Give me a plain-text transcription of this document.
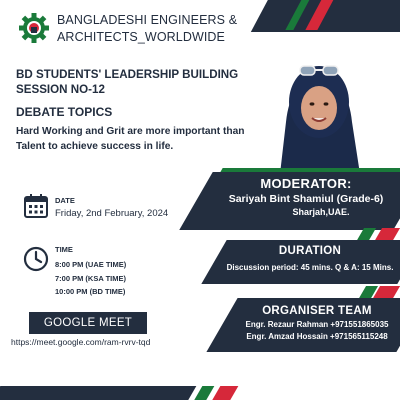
BANGLADESHI ENGINEERS &
ARCHITECTS_WORLDWIDE
BD STUDENTS' LEADERSHIP BUILDING SESSION NO-12
DEBATE TOPICS
Hard Working and Grit are more important than Talent to achieve success in life.
MODERATOR:
Sariyah Bint Shamiul (Grade-6)
Sharjah,UAE.
DURATION
Discussion period: 45 mins. Q & A: 15 Mins.
ORGANISER TEAM
Engr. Rezaur Rahman +971551865035
Engr. Amzad Hossain +971565115248
DATE
Friday, 2nd February, 2024
TIME
8:00 PM (UAE TIME)
7:00 PM (KSA TIME)
10:00 PM (BD TIME)
GOOGLE MEET
https://meet.google.com/ram-rvrv-tqd
